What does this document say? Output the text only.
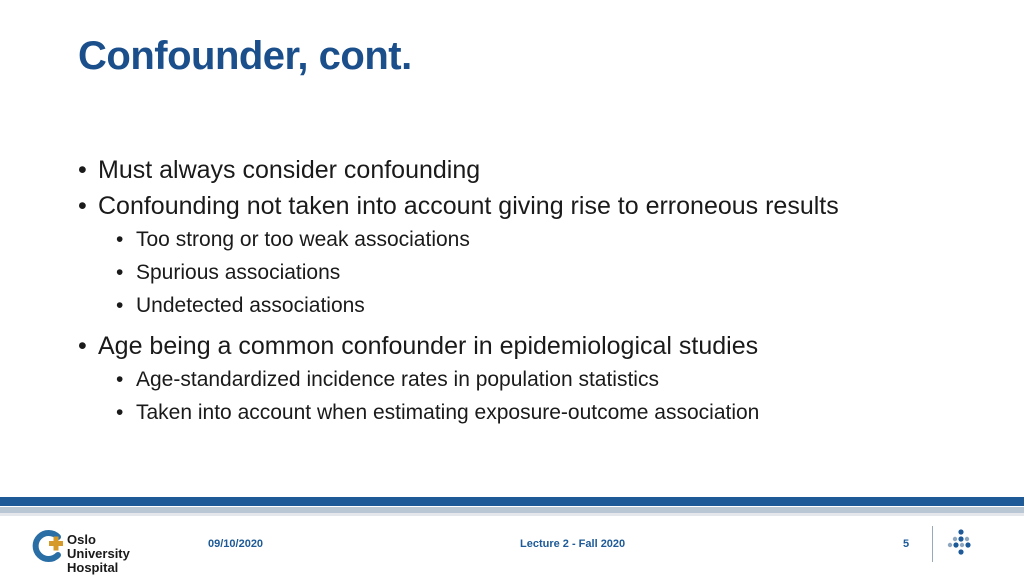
Confounder, cont.
• Must always consider confounding
• Confounding not taken into account giving rise to erroneous results
• Too strong or too weak associations
• Spurious associations
• Undetected associations
• Age being a common confounder in epidemiological studies
• Age-standardized incidence rates in population statistics
• Taken into account when estimating exposure-outcome association
Oslo
University Hospital
09/10/2020	Lecture 2 - Fall 2020	5
